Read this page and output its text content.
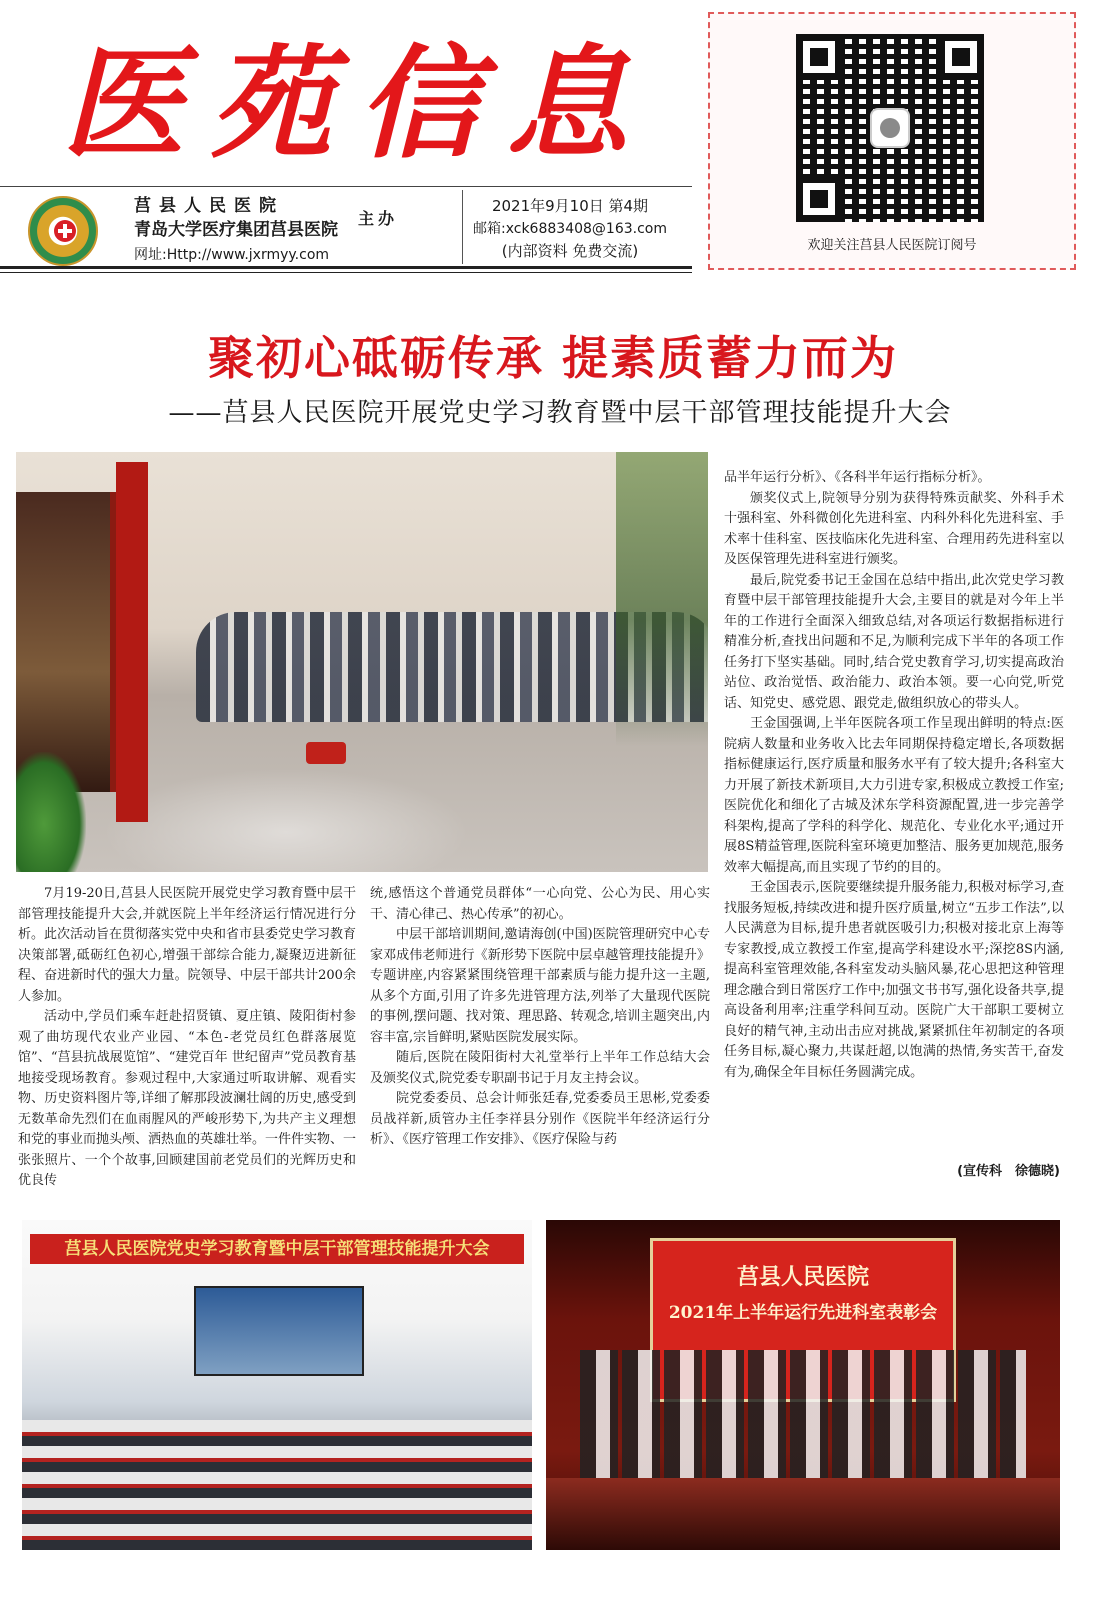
医苑信息
莒县人民医院
青岛大学医疗集团莒县医院
网址:Http://www.jxrmyy.com
主办
2021年9月10日 第4期
邮箱:xck6883408@163.com
(内部资料 免费交流)	欢迎关注莒县人民医院订阅号
聚初心砥砺传承 提素质蓄力而为
——莒县人民医院开展党史学习教育暨中层干部管理技能提升大会

品半年运行分析》、《各科半年运行指标分析》。

颁奖仪式上,院领导分别为获得特殊贡献奖、外科手术十强科室、外科微创化先进科室、内科外科化先进科室、手术率十佳科室、医技临床化先进科室、合理用药先进科室以及医保管理先进科室进行颁奖。

最后,院党委书记王金国在总结中指出,此次党史学习教育暨中层干部管理技能提升大会,主要目的就是对今年上半年的工作进行全面深入细致总结,对各项运行数据指标进行精准分析,查找出问题和不足,为顺利完成下半年的各项工作任务打下坚实基础。同时,结合党史教育学习,切实提高政治站位、政治觉悟、政治能力、政治本领。要一心向党,听党话、知党史、感党恩、跟党走,做组织放心的带头人。

王金国强调,上半年医院各项工作呈现出鲜明的特点:医院病人数量和业务收入比去年同期保持稳定增长,各项数据指标健康运行,医疗质量和服务水平有了较大提升;各科室大力开展了新技术新项目,大力引进专家,积极成立教授工作室;医院优化和细化了古城及沭东学科资源配置,进一步完善学科架构,提高了学科的科学化、规范化、专业化水平;通过开展8S精益管理,医院科室环境更加整洁、服务更加规范,服务效率大幅提高,而且实现了节约的目的。

王金国表示,医院要继续提升服务能力,积极对标学习,查找服务短板,持续改进和提升医疗质量,树立“五步工作法”,以人民满意为目标,提升患者就医吸引力;积极对接北京上海等专家教授,成立教授工作室,提高学科建设水平;深挖8S内涵,提高科室管理效能,各科室发动头脑风暴,花心思把这种管理理念融合到日常医疗工作中;加强文书书写,强化设备共享,提高设备利用率;注重学科间互动。医院广大干部职工要树立良好的精气神,主动出击应对挑战,紧紧抓住年初制定的各项任务目标,凝心聚力,共谋赶超,以饱满的热情,务实苦干,奋发有为,确保全年目标任务圆满完成。

(宣传科　徐德晓)

7月19-20日,莒县人民医院开展党史学习教育暨中层干部管理技能提升大会,并就医院上半年经济运行情况进行分析。此次活动旨在贯彻落实党中央和省市县委党史学习教育决策部署,砥砺红色初心,增强干部综合能力,凝聚迈进新征程、奋进新时代的强大力量。院领导、中层干部共计200余人参加。

活动中,学员们乘车赶赴招贤镇、夏庄镇、陵阳街村参观了曲坊现代农业产业园、“本色-老党员红色群落展览馆”、“莒县抗战展览馆”、“建党百年 世纪留声”党员教育基地接受现场教育。参观过程中,大家通过听取讲解、观看实物、历史资料图片等,详细了解那段波澜壮阔的历史,感受到无数革命先烈们在血雨腥风的严峻形势下,为共产主义理想和党的事业而抛头颅、洒热血的英雄壮举。一件件实物、一张张照片、一个个故事,回顾建国前老党员们的光辉历史和优良传

统,感悟这个普通党员群体“一心向党、公心为民、用心实干、清心律己、热心传承”的初心。

中层干部培训期间,邀请海创(中国)医院管理研究中心专家邓成伟老师进行《新形势下医院中层卓越管理技能提升》专题讲座,内容紧紧围绕管理干部素质与能力提升这一主题,从多个方面,引用了许多先进管理方法,列举了大量现代医院的事例,摆问题、找对策、理思路、转观念,培训主题突出,内容丰富,宗旨鲜明,紧贴医院发展实际。

随后,医院在陵阳街村大礼堂举行上半年工作总结大会及颁奖仪式,院党委专职副书记于月友主持会议。

院党委委员、总会计师张廷春,党委委员王思彬,党委委员战祥新,质管办主任李祥县分别作《医院半年经济运行分析》、《医疗管理工作安排》、《医疗保险与药

莒县人民医院党史学习教育暨中层干部管理技能提升大会
莒县人民医院
2021年上半年运行先进科室表彰会
